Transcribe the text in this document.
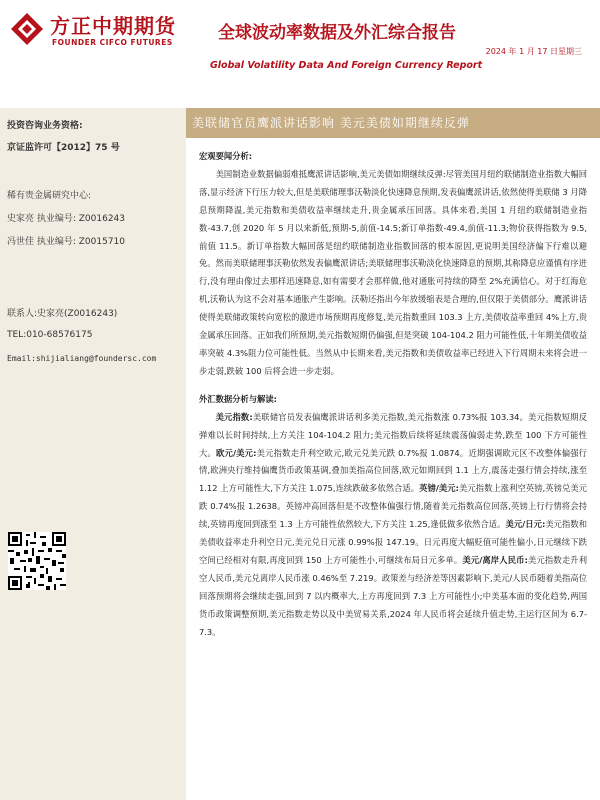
方正中期期货
FOUNDER CIFCO FUTURES	全球波动率数据及外汇综合报告
2024 年 1 月 17 日星期三
Global Volatility Data And Foreign Currency Report
投资咨询业务资格:
京证监许可【2012】75 号
稀有贵金属研究中心:
史家亮 执业编号: Z0016243
冯世佳 执业编号: Z0015710
联系人:史家亮(Z0016243)
TEL:010-68576175
Email:shijialiang@foundersc.com
美联储官员鹰派讲话影响 美元美债如期继续反弹

宏观要闻分析:

美国制造业数据偏弱难抵鹰派讲话影响,美元美债如期继续反弹:尽管美国月纽约联储制造业指数大幅回落,显示经济下行压力较大,但是美联储理事沃勒淡化快速降息预期,发表偏鹰派讲话,依然使得美联储 3 月降息预期降温,美元指数和美债收益率继续走升,贵金属承压回落。具体来看,美国 1 月纽约联储制造业指数-43.7,创 2020 年 5 月以来新低,预期-5,前值-14.5;新订单指数-49.4,前值-11.3;物价获得指数为 9.5,前值 11.5。新订单指数大幅回落是纽约联储制造业指数回落的根本原因,更说明美国经济偏下行难以避免。然而美联储理事沃勒依然发表偏鹰派讲话;美联储理事沃勒淡化快速降息的预期,其称降息应谨慎有序进行,没有理由像过去那样迅速降息,如有需要才会那样做,他对通胀可持续的降至 2%充满信心。对于红海危机,沃勒认为这不会对基本通胀产生影响。沃勒还指出今年放缓缩表是合理的,但仅限于美债部分。鹰派讲话使得美联储政策转向宽松的激进市场预期再度修复,美元指数重回 103.3 上方,美债收益率重回 4%上方,贵金属承压回落。正如我们所预期,美元指数短期仍偏强,但是突破 104-104.2 阻力可能性低,十年期美债收益率突破 4.3%阻力位可能性低。当然从中长期来看,美元指数和美债收益率已经进入下行周期未来将会进一步走弱,跌破 100 后将会进一步走弱。

外汇数据分析与解读:

美元指数:美联储官员发表偏鹰派讲话利多美元指数,美元指数涨 0.73%报 103.34。美元指数短期反弹难以长时间持续,上方关注 104-104.2 阻力;美元指数后续将延续震荡偏弱走势,跌至 100 下方可能性大。欧元/美元:美元指数走升利空欧元,欧元兑美元跌 0.7%报 1.0874。近期强调欧元区不改整体偏强行情,欧洲央行维持偏鹰货币政策基调,叠加美指高位回落,欧元如期回到 1.1 上方,震荡走强行情会持续,涨至 1.12 上方可能性大,下方关注 1.075,连续跌破多依然合适。英镑/美元:美元指数上涨利空英镑,英镑兑美元跌 0.74%报 1.2638。英镑冲高回落但是不改整体偏强行情,随着美元指数高位回落,英镑上行行情将会持续,英镑再度回到涨至 1.3 上方可能性依然较大,下方关注 1.25,逢低做多依然合适。美元/日元:美元指数和美债收益率走升利空日元,美元兑日元涨 0.99%报 147.19。日元再度大幅贬值可能性偏小,日元继续下跌空间已经相对有限,再度回到 150 上方可能性小,可继续布局日元多单。美元/离岸人民币:美元指数走升利空人民币,美元兑离岸人民币涨 0.46%至 7.219。政策差与经济差等因素影响下,美元/人民币随着美指高位回落预期将会继续走强,回到 7 以内概率大,上方再度回到 7.3 上方可能性小;中美基本面的变化趋势,两国货币政策调整预期,美元指数走势以及中美贸易关系,2024 年人民币将会延续升值走势,主运行区间为 6.7-7.3。
